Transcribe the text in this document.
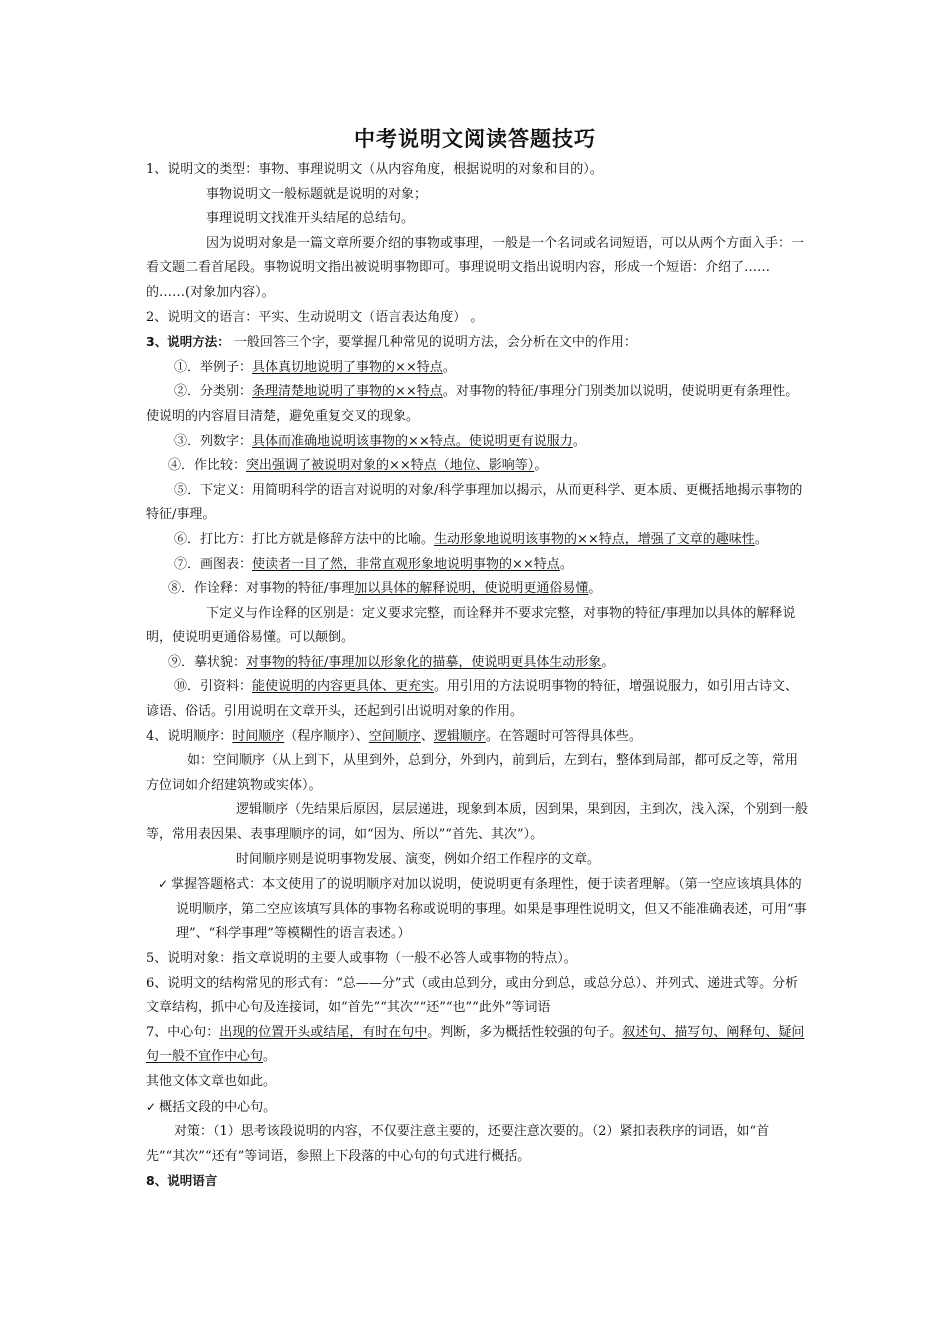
中考说明文阅读答题技巧

1、说明文的类型：事物、事理说明文（从内容角度，根据说明的对象和目的）。

事物说明文一般标题就是说明的对象；

事理说明文找准开头结尾的总结句。

因为说明对象是一篇文章所要介绍的事物或事理，一般是一个名词或名词短语，可以从两个方面入手：一看文题二看首尾段。事物说明文指出被说明事物即可。事理说明文指出说明内容，形成一个短语：介绍了……的……(对象加内容）。

2、说明文的语言：平实、生动说明文（语言表达角度） 。

3、说明方法： 一般回答三个字，要掌握几种常见的说明方法，会分析在文中的作用：

①．举例子：具体真切地说明了事物的××特点。

②．分类别：条理清楚地说明了事物的××特点。对事物的特征/事理分门别类加以说明，使说明更有条理性。使说明的内容眉目清楚，避免重复交叉的现象。

③．列数字：具体而准确地说明该事物的××特点。使说明更有说服力。

④．作比较：突出强调了被说明对象的××特点（地位、影响等）。

⑤．下定义：用简明科学的语言对说明的对象/科学事理加以揭示，从而更科学、更本质、更概括地揭示事物的特征/事理。

⑥．打比方：打比方就是修辞方法中的比喻。生动形象地说明该事物的××特点，增强了文章的趣味性。

⑦．画图表：使读者一目了然，非常直观形象地说明事物的××特点。

⑧．作诠释：对事物的特征/事理加以具体的解释说明，使说明更通俗易懂。

下定义与作诠释的区别是：定义要求完整，而诠释并不要求完整，对事物的特征/事理加以具体的解释说明，使说明更通俗易懂。可以颠倒。

⑨．摹状貌：对事物的特征/事理加以形象化的描摹，使说明更具体生动形象。

⑩．引资料：能使说明的内容更具体、更充实。用引用的方法说明事物的特征，增强说服力，如引用古诗文、谚语、俗话。引用说明在文章开头，还起到引出说明对象的作用。

4、说明顺序：时间顺序（程序顺序）、空间顺序、逻辑顺序。在答题时可答得具体些。

如：空间顺序（从上到下，从里到外，总到分，外到内，前到后，左到右，整体到局部，都可反之等，常用方位词如介绍建筑物或实体）。

逻辑顺序（先结果后原因，层层递进，现象到本质，因到果，果到因，主到次，浅入深，个别到一般等，常用表因果、表事理顺序的词，如“因为、所以”“首先、其次”）。

时间顺序则是说明事物发展、演变，例如介绍工作程序的文章。

✓ 掌握答题格式：本文使用了的说明顺序对加以说明，使说明更有条理性，便于读者理解。（第一空应该填具体的说明顺序，第二空应该填写具体的事物名称或说明的事理。如果是事理性说明文，但又不能准确表述，可用“事理”、“科学事理”等模糊性的语言表述。）

5、说明对象：指文章说明的主要人或事物（一般不必答人或事物的特点）。

6、说明文的结构常见的形式有：“总——分”式（或由总到分，或由分到总，或总分总）、并列式、递进式等。分析文章结构，抓中心句及连接词，如“首先”“其次”“还”“也”“此外”等词语

7、中心句：出现的位置开头或结尾，有时在句中。判断，多为概括性较强的句子。叙述句、描写句、阐释句、疑问句一般不宜作中心句。

其他文体文章也如此。

✓ 概括文段的中心句。

对策：（1）思考该段说明的内容，不仅要注意主要的，还要注意次要的。（2）紧扣表秩序的词语，如“首先”“其次”“还有”等词语，参照上下段落的中心句的句式进行概括。

8、说明语言
